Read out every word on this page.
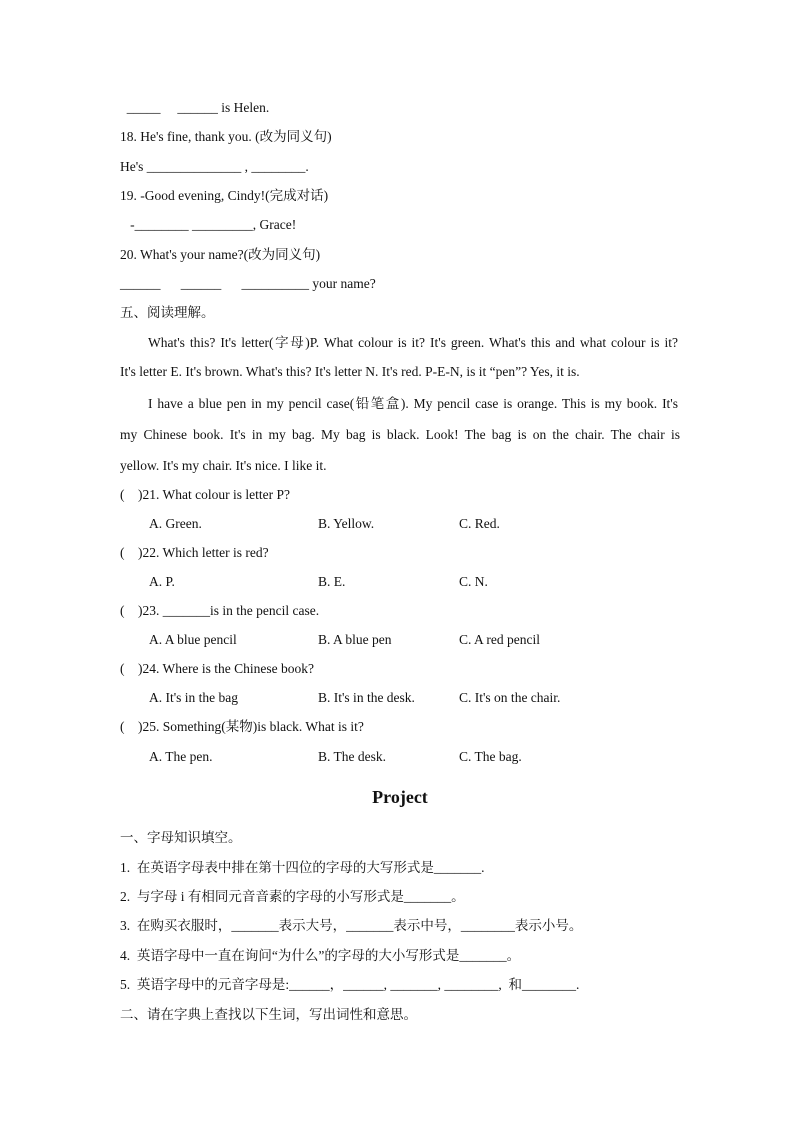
_____     ______ is Helen.
18. He's fine, thank you. (改为同义句)
He's ______________ , ________.
19. -Good evening, Cindy!(完成对话)
-________ _________, Grace!
20. What's your name?(改为同义句)
______      ______      __________ your name?
五、阅读理解。
What's this? It's letter(字母)P. What colour is it? It's green. What's this and what colour is it?
It's letter E. It's brown. What's this? It's letter N. It's red. P-E-N, is it “pen”? Yes, it is.
I have a blue pen in my pencil case(铅笔盒). My pencil case is orange. This is my book. It's
my Chinese book. It's in my bag. My bag is black. Look! The bag is on the chair. The chair is
yellow. It's my chair. It's nice. I like it.
(    )21. What colour is letter P?
A. Green.	B. Yellow.	C. Red.
(    )22. Which letter is red?
A. P.	B. E.	C. N.
(    )23. _______is in the pencil case.
A. A blue pencil	B. A blue pen	C. A red pencil
(    )24. Where is the Chinese book?
A. It's in the bag	B. It's in the desk.	C. It's on the chair.
(    )25. Something(某物)is black. What is it?
A. The pen.	B. The desk.	C. The bag.
Project
一、字母知识填空。
1.  在英语字母表中排在第十四位的字母的大写形式是_______.
2.  与字母 i 有相同元音音素的字母的小写形式是_______。
3.  在购买衣服时，_______表示大号，_______表示中号，________表示小号。
4.  英语字母中一直在询问“为什么”的字母的大小写形式是_______。
5.  英语字母中的元音字母是:______，______, _______, ________,  和________.
二、请在字典上查找以下生词，写出词性和意思。
